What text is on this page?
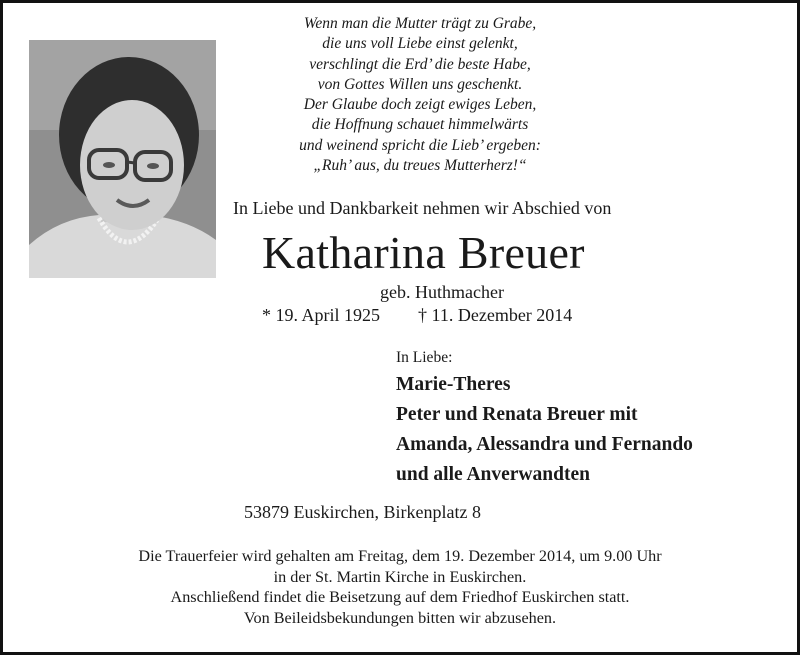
Wenn man die Mutter trägt zu Grabe,
die uns voll Liebe einst gelenkt,
verschlingt die Erd’ die beste Habe,
von Gottes Willen uns geschenkt.
Der Glaube doch zeigt ewiges Leben,
die Hoffnung schauet himmelwärts
und weinend spricht die Lieb’ ergeben:
„Ruh’ aus, du treues Mutterherz!“
In Liebe und Dankbarkeit nehmen wir Abschied von
Katharina Breuer
geb. Huthmacher
* 19. April 1925 † 11. Dezember 2014
In Liebe:
Marie-Theres
Peter und Renata Breuer mit
Amanda, Alessandra und Fernando
und alle Anverwandten
53879 Euskirchen, Birkenplatz 8
Die Trauerfeier wird gehalten am Freitag, dem 19. Dezember 2014, um 9.00 Uhr
in der St. Martin Kirche in Euskirchen.
Anschließend findet die Beisetzung auf dem Friedhof Euskirchen statt.
Von Beileidsbekundungen bitten wir abzusehen.
